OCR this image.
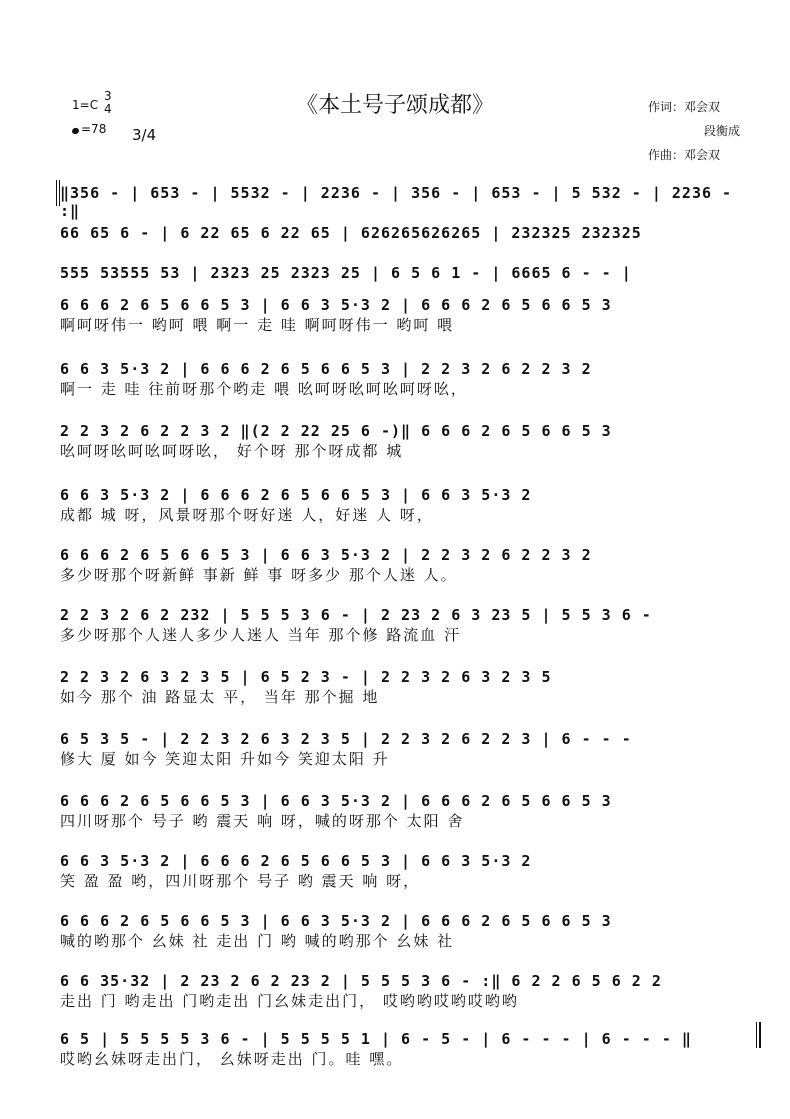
《本土号子颂成都》
1=C
3
4
=78 3/4
作词：邓会双
段衡成
作曲：邓会双
‖356 - | 653 - | 5532 - | 2236 - | 356 - | 653 - | 5 532 - | 2236 - :‖
66 65 6 - | 6 22 65 6 22 65 | 626265626265 | 232325 232325
555 53555 53 | 2323 25 2323 25 | 6 5 6 1 - | 6665 6 - - |
6 6 6 2 6 5 6 6 5 3 | 6 6 3 5·3 2 | 6 6 6 2 6 5 6 6 5 3
啊呵呀伟一 哟呵 喂 啊一 走 哇 啊呵呀伟一 哟呵 喂
6 6 3 5·3 2 | 6 6 6 2 6 5 6 6 5 3 | 2 2 3 2 6 2 2 3 2
啊一 走 哇 往前呀那个哟走 喂 吆呵呀吆呵吆呵呀吆，
2 2 3 2 6 2 2 3 2 ‖(2 2 22 25 6 -)‖ 6 6 6 2 6 5 6 6 5 3
吆呵呀吆呵吆呵呀吆， 好个呀 那个呀成都 城
6 6 3 5·3 2 | 6 6 6 2 6 5 6 6 5 3 | 6 6 3 5·3 2
成都 城 呀，风景呀那个呀好迷 人，好迷 人 呀，
6 6 6 2 6 5 6 6 5 3 | 6 6 3 5·3 2 | 2 2 3 2 6 2 2 3 2
多少呀那个呀新鲜 事新 鲜 事 呀多少 那个人迷 人。
2 2 3 2 6 2 232 | 5 5 5 3 6 - | 2 23 2 6 3 23 5 | 5 5 3 6 -
多少呀那个人迷人多少人迷人 当年 那个修 路流血 汗
2 2 3 2 6 3 2 3 5 | 6 5 2 3 - | 2 2 3 2 6 3 2 3 5
如今 那个 油 路显太 平， 当年 那个掘 地
6 5 3 5 - | 2 2 3 2 6 3 2 3 5 | 2 2 3 2 6 2 2 3 | 6 - - -
修大 厦 如今 笑迎太阳 升如今 笑迎太阳 升
6 6 6 2 6 5 6 6 5 3 | 6 6 3 5·3 2 | 6 6 6 2 6 5 6 6 5 3
四川呀那个 号子 哟 震天 响 呀，喊的呀那个 太阳 舍
6 6 3 5·3 2 | 6 6 6 2 6 5 6 6 5 3 | 6 6 3 5·3 2
笑 盈 盈 哟，四川呀那个 号子 哟 震天 响 呀，
6 6 6 2 6 5 6 6 5 3 | 6 6 3 5·3 2 | 6 6 6 2 6 5 6 6 5 3
喊的哟那个 幺妹 社 走出 门 哟 喊的哟那个 幺妹 社
6 6 35·32 | 2 23 2 6 2 23 2 | 5 5 5 3 6 - :‖ 6 2 2 6 5 6 2 2
走出 门 哟走出 门哟走出 门幺妹走出门， 哎哟哟哎哟哎哟哟
6 5 | 5 5 5 5 3 6 - | 5 5 5 5 1 | 6 - 5 - | 6 - - - | 6 - - - ‖
哎哟幺妹呀走出门， 幺妹呀走出 门。哇 嘿。
